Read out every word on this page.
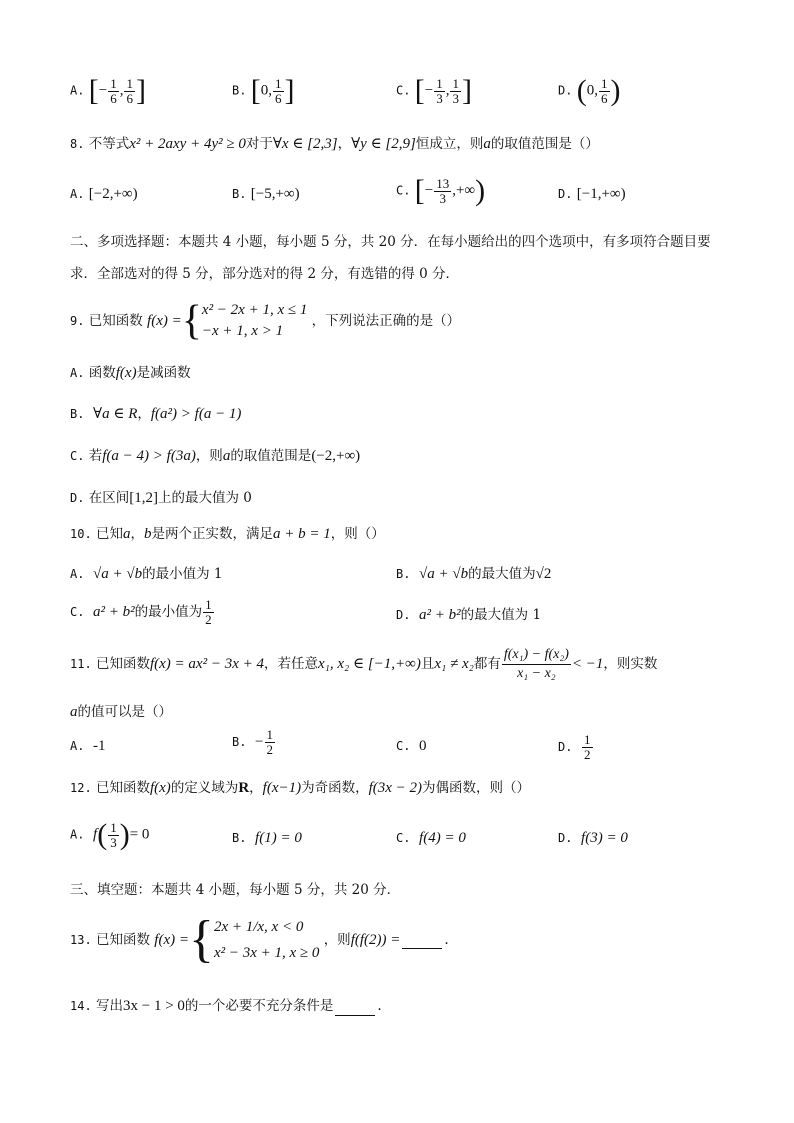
A. [− $\frac{1}{6}$ , $\frac{1}{6}$ ]	B. [0, $\frac{1}{6}$ ]	C. [− $\frac{1}{3}$ , $\frac{1}{3}$ ]	D. (0, $\frac{1}{6}$ )
8. 不等式x² + 2axy + 4y² ≥ 0对于∀x ∈ [2,3]，∀y ∈ [2,9]恒成立，则a的取值范围是（）
A. [−2,+∞)	B. [−5,+∞)	C. [− $\frac{13}{3}$ ,+∞)	D. [−1,+∞)
二、多项选择题：本题共 4 小题，每小题 5 分，共 20 分．在每小题给出的四个选项中，有多项符合题目要
求．全部选对的得 5 分，部分选对的得 2 分，有选错的得 0 分．
9. 已知函数 f(x) ={ x² − 2x + 1, x ≤ 1
−x + 1, x > 1
，下列说法正确的是（）
A. 函数f(x)是减函数
B. ∀a ∈ R，f(a²) > f(a − 1)
C. 若f(a − 4) > f(3a)，则a的取值范围是(−2,+∞)
D. 在区间[1,2]上的最大值为 0
10. 已知a，b是两个正实数，满足a + b = 1，则（）
A. √a + √b的最小值为 1	B. √a + √b的最大值为√2
C. a² + b²的最小值为 $\frac{1}{2}$	D. a² + b²的最大值为 1
11. 已知函数f(x) = ax² − 3x + 4，若任意x₁, x₂ ∈ [−1,+∞)且x₁ ≠ x₂都有 $\frac{\text{f(x₁) − f(x₂)}}{\text{x₁ − x₂}} < -1$，则实数
a的值可以是（）
A. -1	B. − $\frac{1}{2}$	C. 0	D. $\frac{1}{2}$
12. 已知函数f(x)的定义域为R，f(x−1)为奇函数，f(3x − 2)为偶函数，则（）
A. $f( \frac{1}{3}$ )= 0	B. f(1) = 0	C. f(4) = 0	D. f(3) = 0
三、填空题：本题共 4 小题，每小题 5 分，共 20 分．
13. 已知函数 f(x) ={ 2x + 1/x, x < 0
x² − 3x + 1, x ≥ 0
，则f(f(2)) =	.
14. 写出3x − 1 > 0的一个必要不充分条件是	.
